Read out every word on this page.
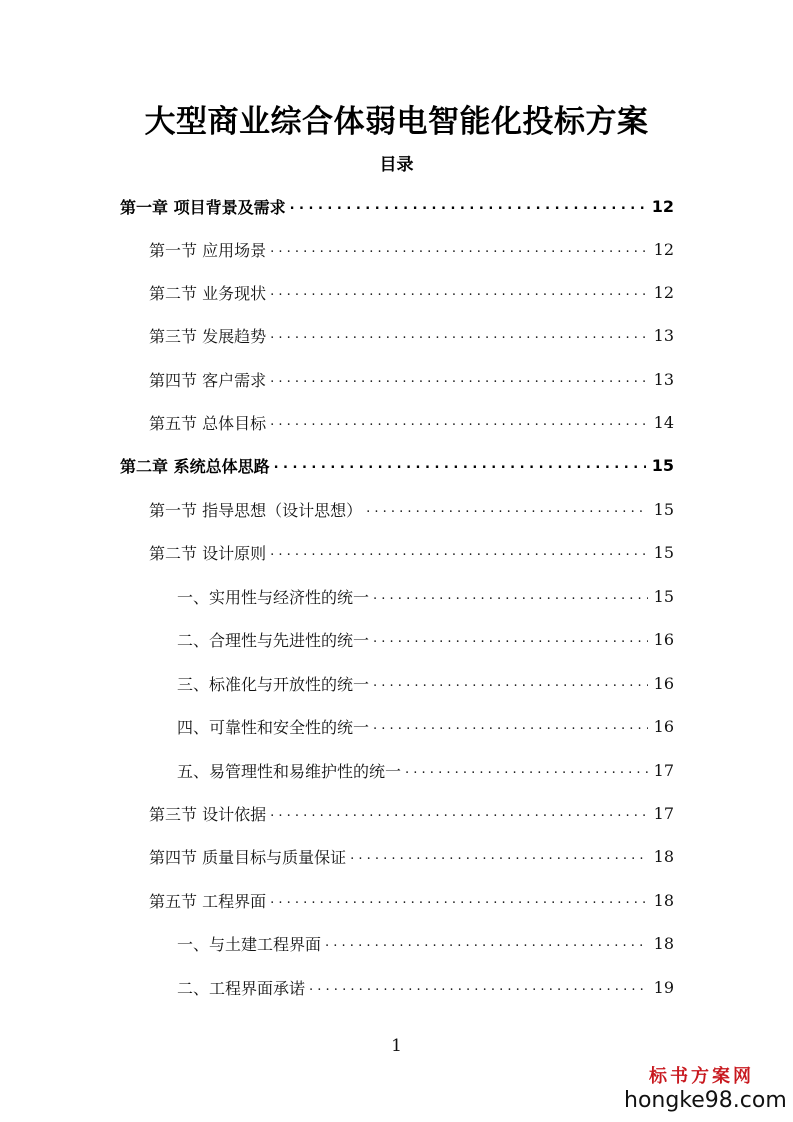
大型商业综合体弱电智能化投标方案
目录
第一章 项目背景及需求 . . .	12
第一节 应用场景 . . .	12
第二节 业务现状 . . .	12
第三节 发展趋势 . . .	13
第四节 客户需求 . . .	13
第五节 总体目标 . . .	14
第二章 系统总体思路 . . .	15
第一节 指导思想（设计思想） . . .	15
第二节 设计原则 . . .	15
一、实用性与经济性的统一 . . .	15
二、合理性与先进性的统一 . . .	16
三、标准化与开放性的统一 . . .	16
四、可靠性和安全性的统一 . . .	16
五、易管理性和易维护性的统一 . . .	17
第三节 设计依据 . . .	17
第四节 质量目标与质量保证 . . .	18
第五节 工程界面 . . .	18
一、与土建工程界面 . . .	18
二、工程界面承诺 . . .	19
1
标书方案网
hongke98.com
